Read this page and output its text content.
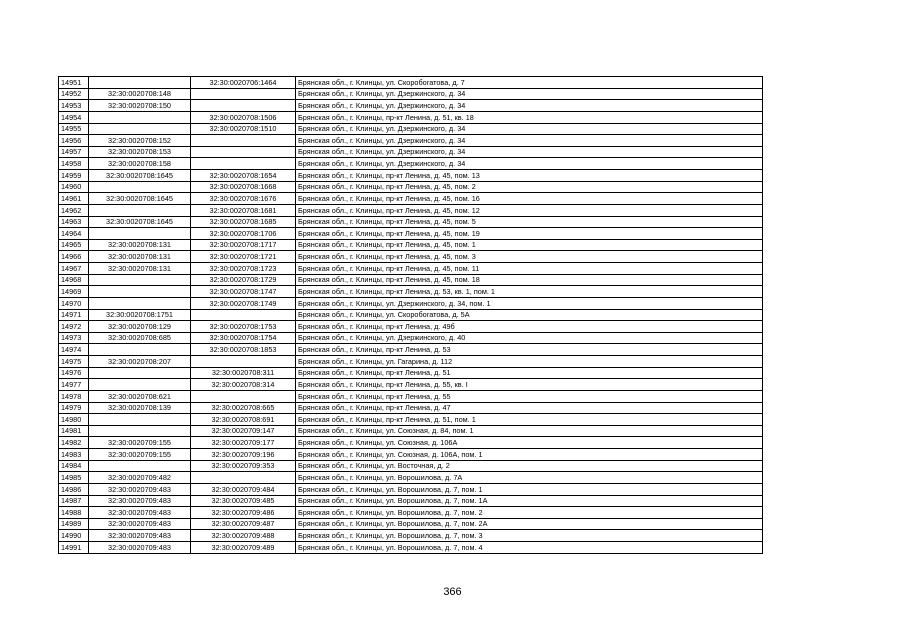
14951		32:30:0020706:1464	Брянская обл., г. Клинцы, ул. Скоробогатова, д. 7
14952	32:30:0020708:148		Брянская обл., г. Клинцы, ул. Дзержинского, д. 34
14953	32:30:0020708:150		Брянская обл., г. Клинцы, ул. Дзержинского, д. 34
14954		32:30:0020708:1506	Брянская обл., г. Клинцы, пр-кт Ленина, д. 51, кв. 18
14955		32:30:0020708:1510	Брянская обл., г. Клинцы, ул. Дзержинского, д. 34
14956	32:30:0020708:152		Брянская обл., г. Клинцы, ул. Дзержинского, д. 34
14957	32:30:0020708:153		Брянская обл., г. Клинцы, ул. Дзержинского, д. 34
14958	32:30:0020708:158		Брянская обл., г. Клинцы, ул. Дзержинского, д. 34
14959	32:30:0020708:1645	32:30:0020708:1654	Брянская обл., г. Клинцы, пр-кт Ленина, д. 45, пом. 13
14960		32:30:0020708:1668	Брянская обл., г. Клинцы, пр-кт Ленина, д. 45, пом. 2
14961	32:30:0020708:1645	32:30:0020708:1676	Брянская обл., г. Клинцы, пр-кт Ленина, д. 45, пом. 16
14962		32:30:0020708:1681	Брянская обл., г. Клинцы, пр-кт Ленина, д. 45, пом. 12
14963	32:30:0020708:1645	32:30:0020708:1685	Брянская обл., г. Клинцы, пр-кт Ленина, д. 45, пом. 5
14964		32:30:0020708:1706	Брянская обл., г. Клинцы, пр-кт Ленина, д. 45, пом. 19
14965	32:30:0020708:131	32:30:0020708:1717	Брянская обл., г. Клинцы, пр-кт Ленина, д. 45, пом. 1
14966	32:30:0020708:131	32:30:0020708:1721	Брянская обл., г. Клинцы, пр-кт Ленина, д. 45, пом. 3
14967	32:30:0020708:131	32:30:0020708:1723	Брянская обл., г. Клинцы, пр-кт Ленина, д. 45, пом. 11
14968		32:30:0020708:1729	Брянская обл., г. Клинцы, пр-кт Ленина, д. 45, пом. 18
14969		32:30:0020708:1747	Брянская обл., г. Клинцы, пр-кт Ленина, д. 53, кв. 1, пом. 1
14970		32:30:0020708:1749	Брянская обл., г. Клинцы, ул. Дзержинского, д. 34, пом. 1
14971	32:30:0020708:1751		Брянская обл., г. Клинцы, ул. Скоробогатова, д. 5А
14972	32:30:0020708:129	32:30:0020708:1753	Брянская обл., г. Клинцы, пр-кт Ленина, д. 49б
14973	32:30:0020708:685	32:30:0020708:1754	Брянская обл., г. Клинцы, ул. Дзержинского, д. 40
14974		32:30:0020708:1853	Брянская обл., г. Клинцы, пр-кт Ленина, д. 53
14975	32:30:0020708:207		Брянская обл., г. Клинцы, ул. Гагарина, д. 112
14976		32:30:0020708:311	Брянская обл., г. Клинцы, пр-кт Ленина, д. 51
14977		32:30:0020708:314	Брянская обл., г. Клинцы, пр-кт Ленина, д. 55, кв. I
14978	32:30:0020708:621		Брянская обл., г. Клинцы, пр-кт Ленина, д. 55
14979	32:30:0020708:139	32:30:0020708:665	Брянская обл., г. Клинцы, пр-кт Ленина, д. 47
14980		32:30:0020708:691	Брянская обл., г. Клинцы, пр-кт Ленина, д. 51, пом. 1
14981		32:30:0020709:147	Брянская обл., г. Клинцы, ул. Союзная, д. 84, пом. 1
14982	32:30:0020709:155	32:30:0020709:177	Брянская обл., г. Клинцы, ул. Союзная, д. 106А
14983	32:30:0020709:155	32:30:0020709:196	Брянская обл., г. Клинцы, ул. Союзная, д. 106А, пом. 1
14984		32:30:0020709:353	Брянская обл., г. Клинцы, ул. Восточная, д. 2
14985	32:30:0020709:482		Брянская обл., г. Клинцы, ул. Ворошилова, д. 7А
14986	32:30:0020709:483	32:30:0020709:484	Брянская обл., г. Клинцы, ул. Ворошилова, д. 7, пом. 1
14987	32:30:0020709:483	32:30:0020709:485	Брянская обл., г. Клинцы, ул. Ворошилова, д. 7, пом. 1А
14988	32:30:0020709:483	32:30:0020709:486	Брянская обл., г. Клинцы, ул. Ворошилова, д. 7, пом. 2
14989	32:30:0020709:483	32:30:0020709:487	Брянская обл., г. Клинцы, ул. Ворошилова, д. 7, пом. 2А
14990	32:30:0020709:483	32:30:0020709:488	Брянская обл., г. Клинцы, ул. Ворошилова, д. 7, пом. 3
14991	32:30:0020709:483	32:30:0020709:489	Брянская обл., г. Клинцы, ул. Ворошилова, д. 7, пом. 4
366
